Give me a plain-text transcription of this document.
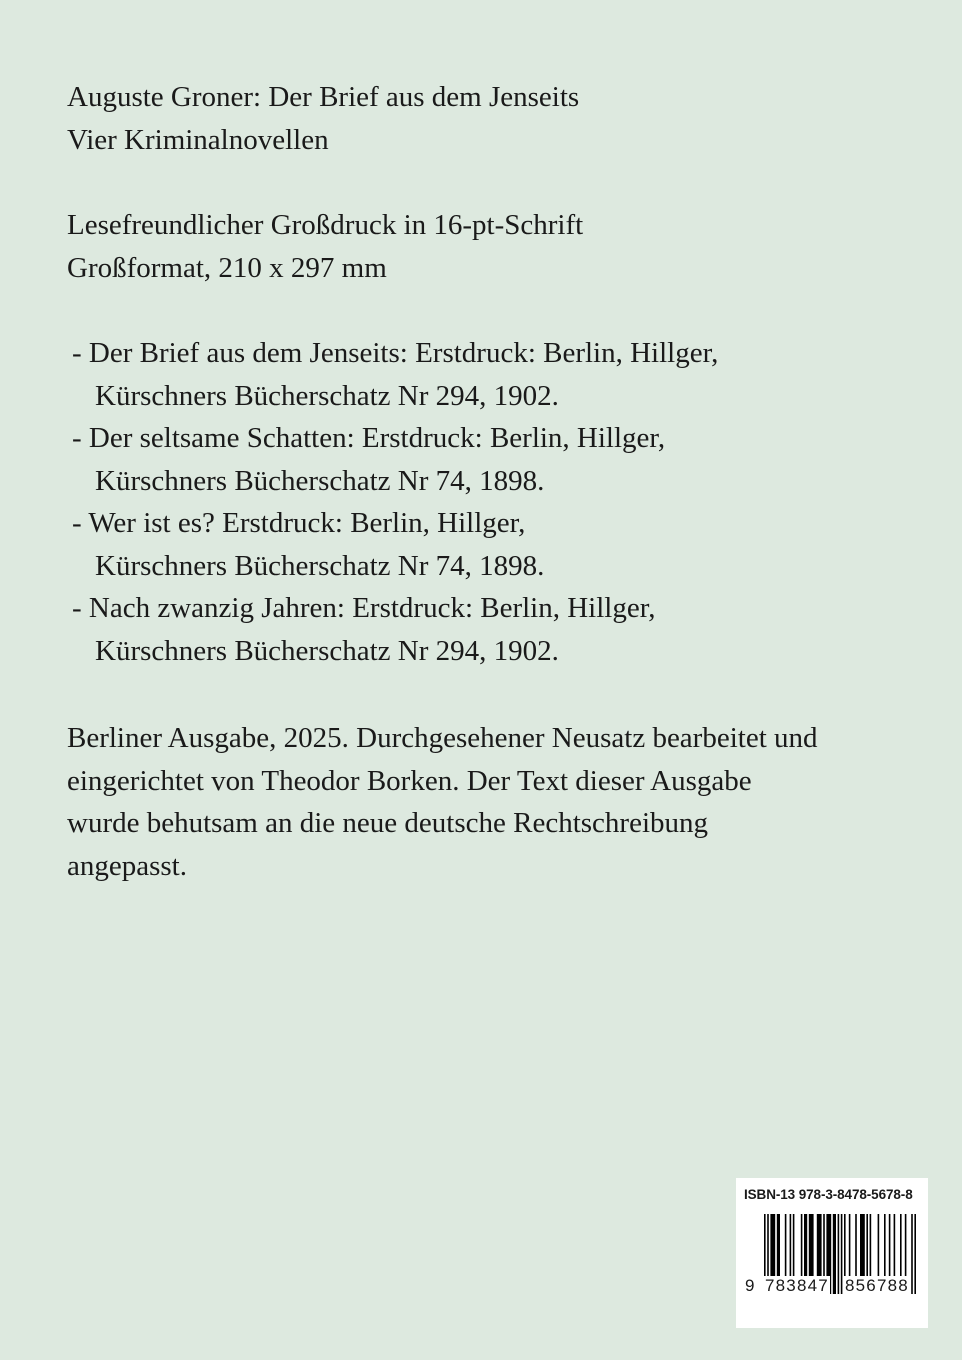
Auguste Groner: Der Brief aus dem Jenseits
Vier Kriminalnovellen
Lesefreundlicher Großdruck in 16-pt-Schrift
Großformat, 210 x 297 mm
- Der Brief aus dem Jenseits: Erstdruck: Berlin, Hillger,
Kürschners Bücherschatz Nr 294, 1902.
- Der seltsame Schatten: Erstdruck: Berlin, Hillger,
Kürschners Bücherschatz Nr 74, 1898.
- Wer ist es? Erstdruck: Berlin, Hillger,
Kürschners Bücherschatz Nr 74, 1898.
- Nach zwanzig Jahren: Erstdruck: Berlin, Hillger,
Kürschners Bücherschatz Nr 294, 1902.
Berliner Ausgabe, 2025. Durchgesehener Neusatz bearbeitet und
eingerichtet von Theodor Borken. Der Text dieser Ausgabe
wurde behutsam an die neue deutsche Rechtschreibung
angepasst.
ISBN-13 978-3-8478-5678-8
9 783847 856788
